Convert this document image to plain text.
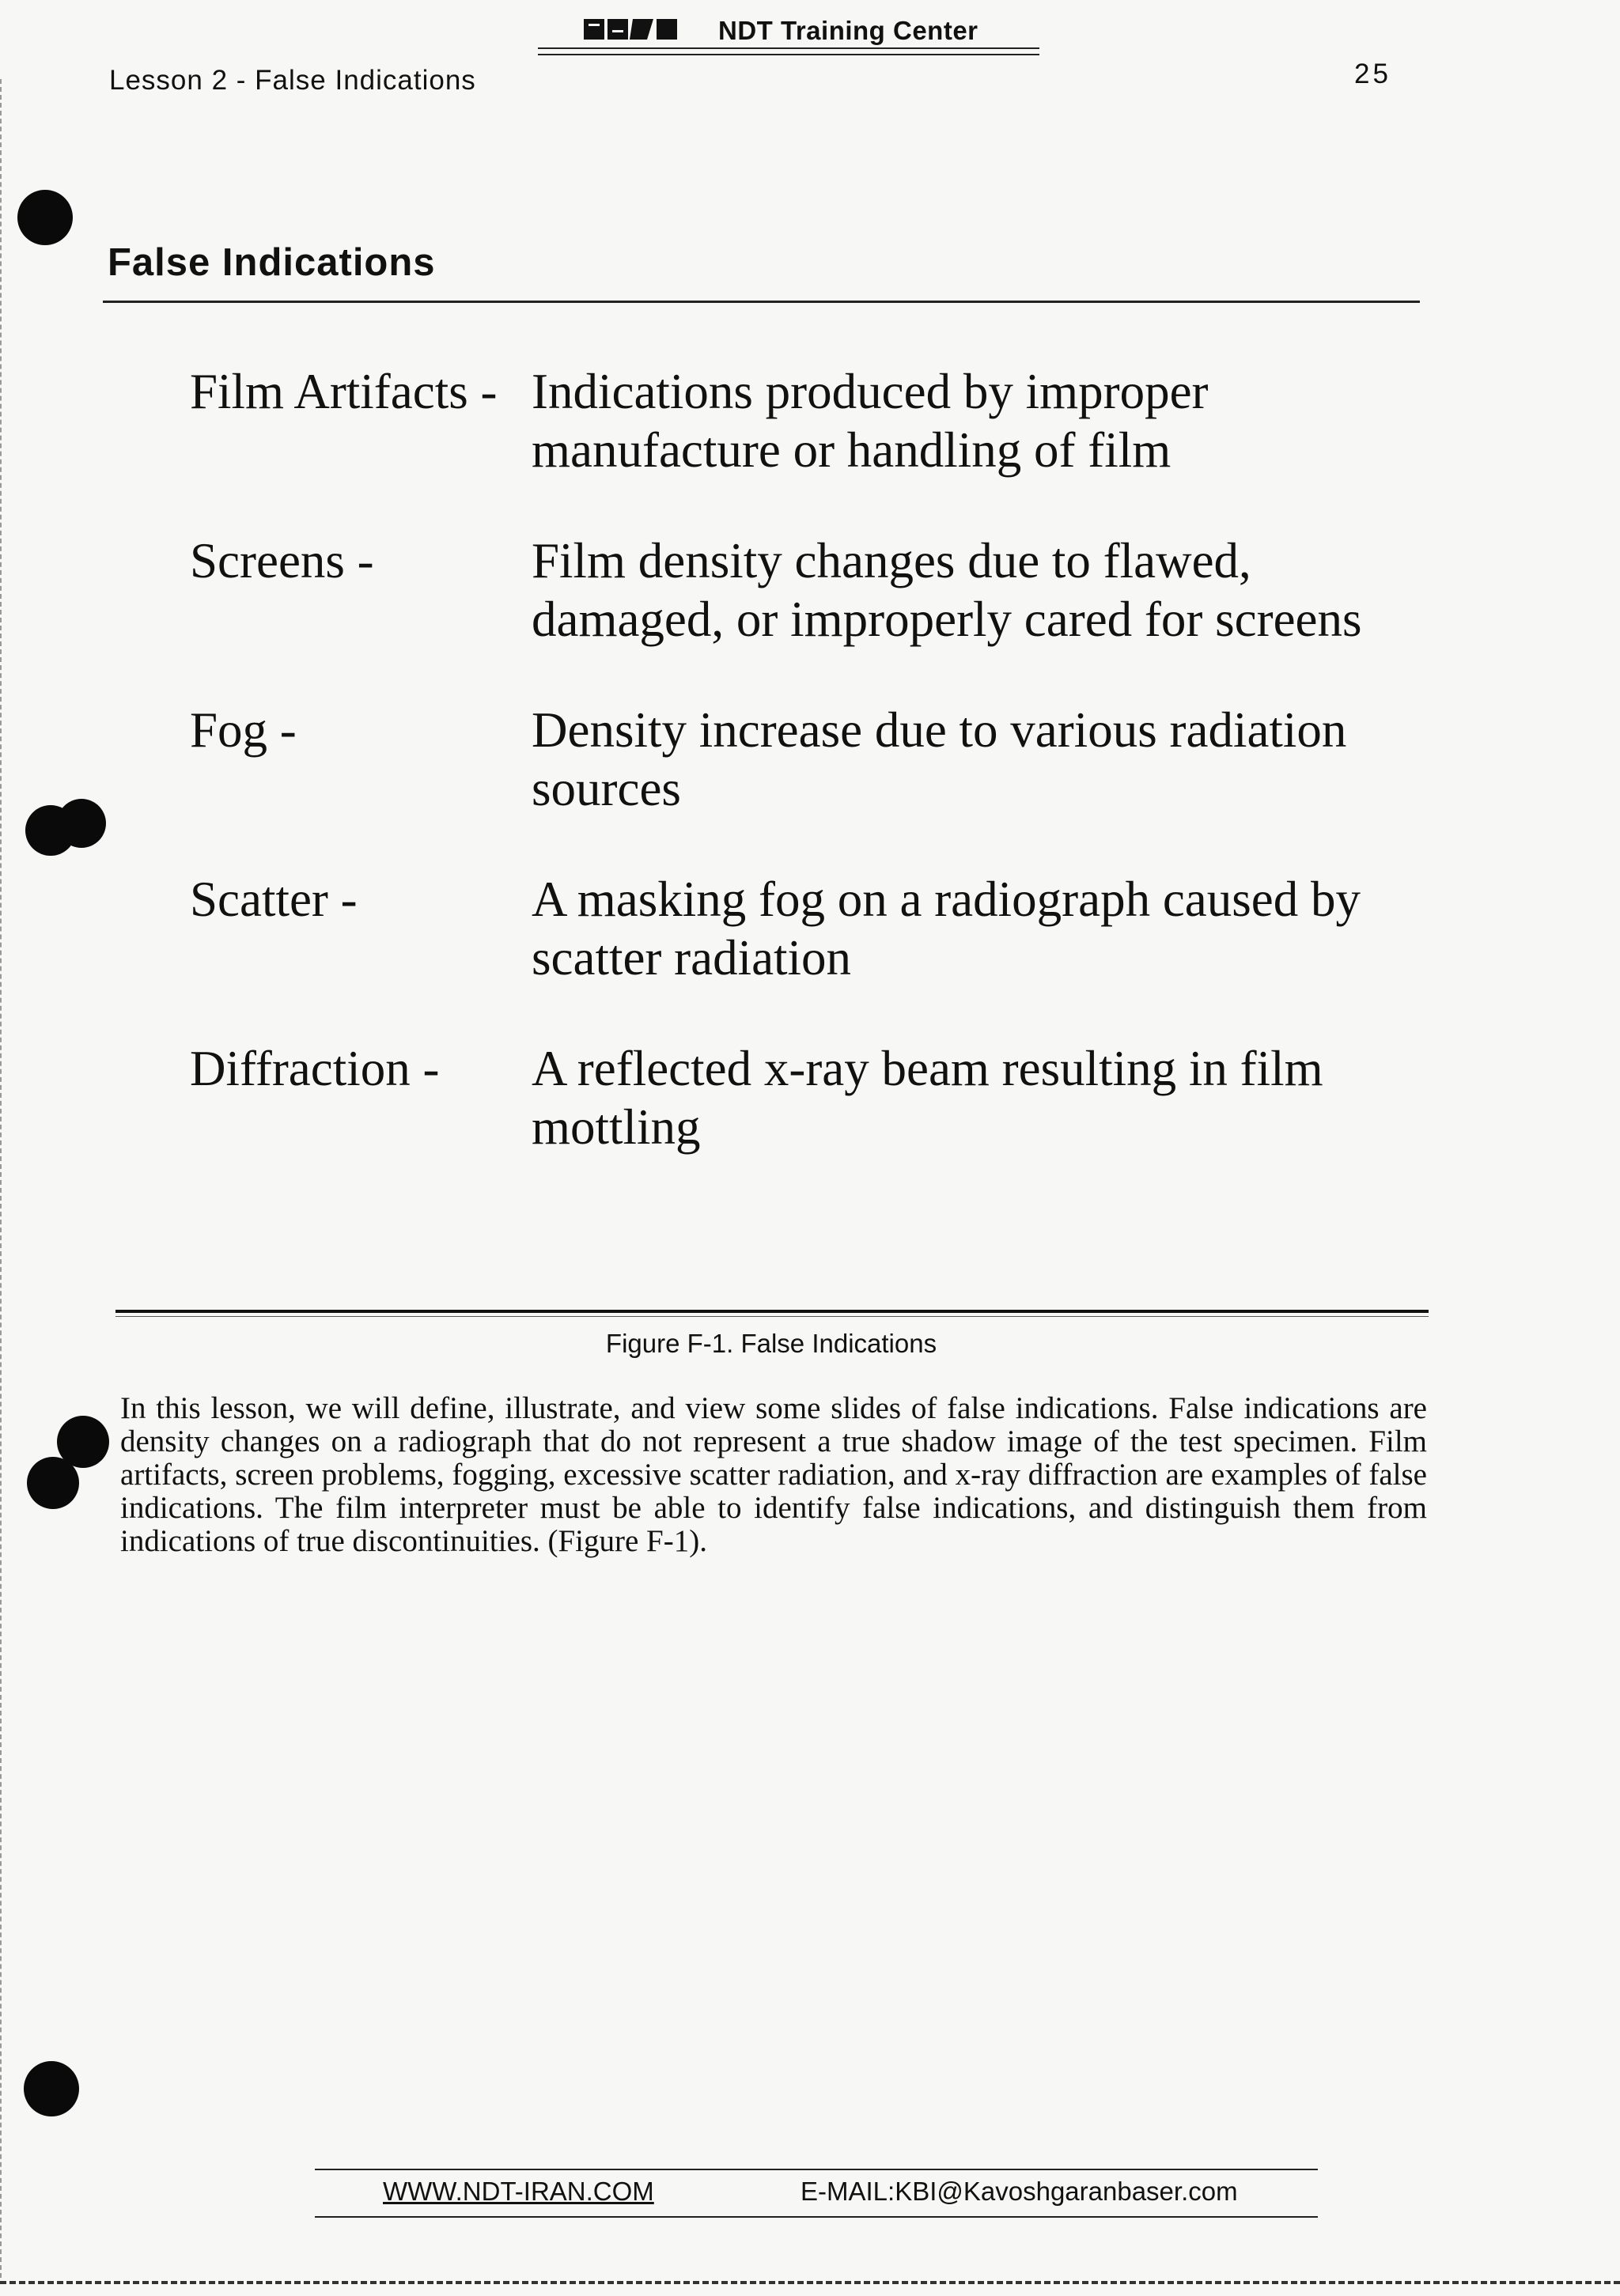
NDT Training Center
Lesson 2 - False Indications	25
False Indications
Film Artifacts - Indications produced by improper manufacture or handling of film
Screens -	Film density changes due to flawed, damaged, or improperly cared for screens
Fog -	Density increase due to various radiation sources
Scatter -	A masking fog on a radiograph caused by scatter radiation
Diffraction -	A reflected x-ray beam resulting in film mottling
Figure F-1. False Indications
In this lesson, we will define, illustrate, and view some slides of false indications. False indications are density changes on a radiograph that do not represent a true shadow image of the test specimen. Film artifacts, screen problems, fogging, excessive scatter radiation, and x-ray diffraction are examples of false indications. The film interpreter must be able to identify false indications, and distinguish them from indications of true discontinuities. (Figure F-1).
WWW.NDT-IRAN.COM	E-MAIL:KBI@Kavoshgaranbaser.com
